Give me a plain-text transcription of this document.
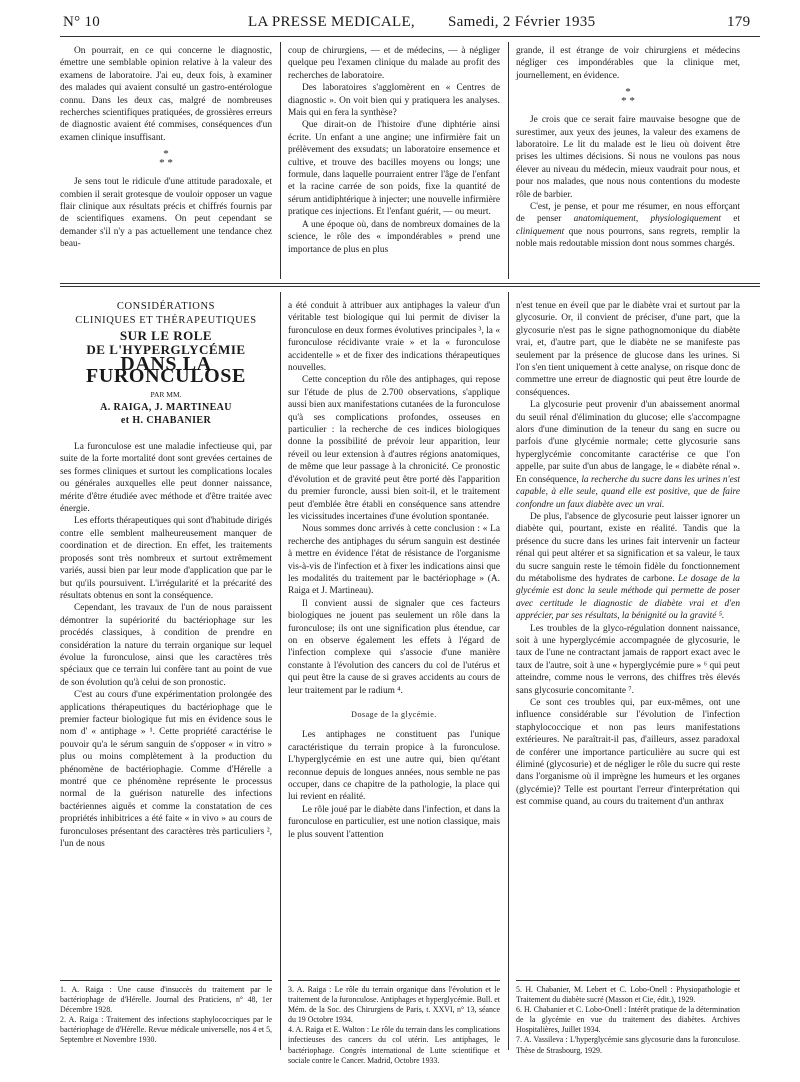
N° 10	LA PRESSE MEDICALE, Samedi, 2 Février 1935	179

On pourrait, en ce qui concerne le diagnostic, émettre une semblable opinion relative à la valeur des examens de laboratoire. J'ai eu, deux fois, à examiner des malades qui avaient consulté un gastro-entérologue connu. Dans les deux cas, malgré de nombreuses recherches scientifiques pratiquées, de grossières erreurs de diagnostic avaient été commises, conséquences d'un examen clinique insuffisant.

*
* *

Je sens tout le ridicule d'une attitude paradoxale, et combien il serait grotesque de vouloir opposer un vague flair clinique aux résultats précis et chiffrés fournis par de scientifiques examens. On peut cependant se demander s'il n'y a pas actuellement une tendance chez beau-

coup de chirurgiens, — et de médecins, — à négliger quelque peu l'examen clinique du malade au profit des recherches de laboratoire.

Des laboratoires s'agglomèrent en « Centres de diagnostic ». On voit bien qui y pratiquera les analyses. Mais qui en fera la synthèse?

Que dirait-on de l'histoire d'une diphtérie ainsi écrite. Un enfant a une angine; une infirmière fait un prélèvement des exsudats; un laboratoire ensemence et cultive, et trouve des bacilles moyens ou longs; une formule, dans laquelle pourraient entrer l'âge de l'enfant et la racine carrée de son poids, fixe la quantité de sérum antidiphtérique à injecter; une nouvelle infirmière pratique ces injections. Et l'enfant guérit, — ou meurt.

A une époque où, dans de nombreux domaines de la science, le rôle des « impondérables » prend une importance de plus en plus

grande, il est étrange de voir chirurgiens et médecins négliger ces impondérables que la clinique met, journellement, en évidence.

*
* *

Je crois que ce serait faire mauvaise besogne que de surestimer, aux yeux des jeunes, la valeur des examens de laboratoire. Le lit du malade est le lieu où doivent être prises les ultimes décisions. Si nous ne voulons pas nous élever au niveau du médecin, mieux vaudrait pour nous, et pour nos malades, que nous nous contentions du modeste rôle de barbier.

C'est, je pense, et pour me résumer, en nous efforçant de penser anatomiquement, physiologiquement et cliniquement que nous pourrons, sans regrets, remplir la noble mais redoutable mission dont nous sommes chargés.

CONSIDÉRATIONS
CLINIQUES ET THÉRAPEUTIQUES
SUR LE ROLE
DE L'HYPERGLYCÉMIE
DANS LA FURONCULOSE
PAR MM.
A. RAIGA, J. MARTINEAU
et H. CHABANIER

La furonculose est une maladie infectieuse qui, par suite de la forte mortalité dont sont grevées certaines de ses formes cliniques et surtout les complications locales ou générales auxquelles elle peut donner naissance, mérite d'être étudiée avec méthode et d'être traitée avec énergie.

Les efforts thérapeutiques qui sont d'habitude dirigés contre elle semblent malheureusement manquer de coordination et de direction. En effet, les traitements proposés sont très nombreux et surtout extrêmement variés, aussi bien par leur mode d'application que par le but qu'ils poursuivent. L'irrégularité et la précarité des résultats obtenus en sont la conséquence.

Cependant, les travaux de l'un de nous paraissent démontrer la supériorité du bactériophage sur les procédés classiques, à condition de prendre en considération la nature du terrain organique sur lequel évolue la furonculose, ainsi que les caractères très spéciaux que ce terrain lui confère tant au point de vue de son évolution qu'à celui de son pronostic.

C'est au cours d'une expérimentation prolongée des applications thérapeutiques du bactériophage que le premier facteur biologique fut mis en évidence sous le nom d' « antiphage » ¹. Cette propriété caractérise le pouvoir qu'a le sérum sanguin de s'opposer « in vitro » plus ou moins complètement à la production du phénomène de bactériophagie. Comme d'Hérelle a montré que ce phénomène représente le processus normal de la guérison naturelle des infections bactériennes aiguës et comme la constatation de ces propriétés inhibitrices a été faite « in vivo » au cours de furonculoses présentant des caractères très particuliers ², l'un de nous

a été conduit à attribuer aux antiphages la valeur d'un véritable test biologique qui lui permit de diviser la furonculose en deux formes évolutives principales ³, la « furonculose récidivante vraie » et la « furonculose accidentelle » et de fixer des indications thérapeutiques nouvelles.

Cette conception du rôle des antiphages, qui repose sur l'étude de plus de 2.700 observations, s'applique aussi bien aux manifestations cutanées de la furonculose qu'à ses complications profondes, osseuses en particulier : la recherche de ces indices biologiques donne la possibilité de prévoir leur apparition, leur réveil ou leur extension à d'autres régions anatomiques, de même que leur passage à la chronicité. Ce pronostic d'évolution et de gravité peut être porté dès l'apparition du premier furoncle, aussi bien soit-il, et le traitement peut d'emblée être établi en conséquence sans attendre les vicissitudes incertaines d'une évolution spontanée.

Nous sommes donc arrivés à cette conclusion : « La recherche des antiphages du sérum sanguin est destinée à mettre en évidence l'état de résistance de l'organisme vis-à-vis de l'infection et à fixer les indications ainsi que les modalités du traitement par le bactériophage » (A. Raiga et J. Martineau).

Il convient aussi de signaler que ces facteurs biologiques ne jouent pas seulement un rôle dans la furonculose; ils ont une signification plus étendue, car on en observe également les effets à l'égard de l'infection complexe qui s'associe d'une manière constante à l'évolution des cancers du col de l'utérus et qui peut être la cause de si graves accidents au cours de leur traitement par le radium ⁴.

Dosage de la glycémie.

Les antiphages ne constituent pas l'unique caractéristique du terrain propice à la furonculose. L'hyperglycémie en est une autre qui, bien qu'étant reconnue depuis de longues années, nous semble ne pas occuper, dans ce chapitre de la pathologie, la place qui lui revient en réalité.

Le rôle joué par le diabète dans l'infection, et dans la furonculose en particulier, est une notion classique, mais le plus souvent l'attention

n'est tenue en éveil que par le diabète vrai et surtout par la glycosurie. Or, il convient de préciser, d'une part, que la glycosurie n'est pas le signe pathognomonique du diabète vrai, et, d'autre part, que le diabète ne se manifeste pas seulement par la présence de glucose dans les urines. Si l'on s'en tient uniquement à cette analyse, on risque donc de commettre une erreur de diagnostic qui peut être lourde de conséquences.

La glycosurie peut provenir d'un abaissement anormal du seuil rénal d'élimination du glucose; elle s'accompagne alors d'une diminution de la teneur du sang en sucre ou parfois d'une glycémie normale; cette glycosurie sans hyperglycémie concomitante caractérise ce que l'on appelle, par suite d'un abus de langage, le « diabète rénal ». En conséquence, la recherche du sucre dans les urines n'est capable, à elle seule, quand elle est positive, que de faire confondre un faux diabète avec un vrai.

De plus, l'absence de glycosurie peut laisser ignorer un diabète qui, pourtant, existe en réalité. Tandis que la présence du sucre dans les urines fait intervenir un facteur rénal qui peut altérer et sa signification et sa valeur, le taux du sucre sanguin reste le témoin fidèle du fonctionnement du métabolisme des hydrates de carbone. Le dosage de la glycémie est donc la seule méthode qui permette de poser avec certitude le diagnostic de diabète vrai et d'en apprécier, par ses résultats, la bénignité ou la gravité ⁵.

Les troubles de la glyco-régulation donnent naissance, soit à une hyperglycémie accompagnée de glycosurie, le taux de l'une ne contractant jamais de rapport exact avec le taux de l'autre, soit à une « hyperglycémie pure » ⁶ qui peut atteindre, comme nous le verrons, des chiffres très élevés sans glycosurie concomitante ⁷.

Ce sont ces troubles qui, par eux-mêmes, ont une influence considérable sur l'évolution de l'infection staphylococcique et non pas leurs manifestations extérieures. Ne paraîtrait-il pas, d'ailleurs, assez paradoxal de conférer une importance particulière au sucre qui est éliminé (glycosurie) et de négliger le rôle du sucre qui reste dans l'organisme où il imprègne les humeurs et les organes (glycémie)? Telle est pourtant l'erreur d'interprétation qui est commise quand, au cours du traitement d'un anthrax

1. A. Raiga : Une cause d'insuccès du traitement par le bactériophage de d'Hérelle. Journal des Praticiens, n° 48, 1er Décembre 1928.

2. A. Raiga : Traitement des infections staphylococciques par le bactériophage de d'Hérelle. Revue médicale universelle, nos 4 et 5, Septembre et Novembre 1930.

3. A. Raiga : Le rôle du terrain organique dans l'évolution et le traitement de la furonculose. Antiphages et hyperglycémie. Bull. et Mém. de la Soc. des Chirurgiens de Paris, t. XXVI, n° 13, séance du 19 Octobre 1934.

4. A. Raiga et E. Walton : Le rôle du terrain dans les complications infectieuses des cancers du col utérin. Les antiphages, le bactériophage. Congrès international de Lutte scientifique et sociale contre le Cancer. Madrid, Octobre 1933.

5. H. Chabanier, M. Lebert et C. Lobo-Onell : Physiopathologie et Traitement du diabète sucré (Masson et Cie, édit.), 1929.

6. H. Chabanier et C. Lobo-Onell : Intérêt pratique de la détermination de la glycémie en vue du traitement des diabètes. Archives Hospitalières, Juillet 1934.

7. A. Vassileva : L'hyperglycémie sans glycosurie dans la furonculose. Thèse de Strasbourg, 1929.
